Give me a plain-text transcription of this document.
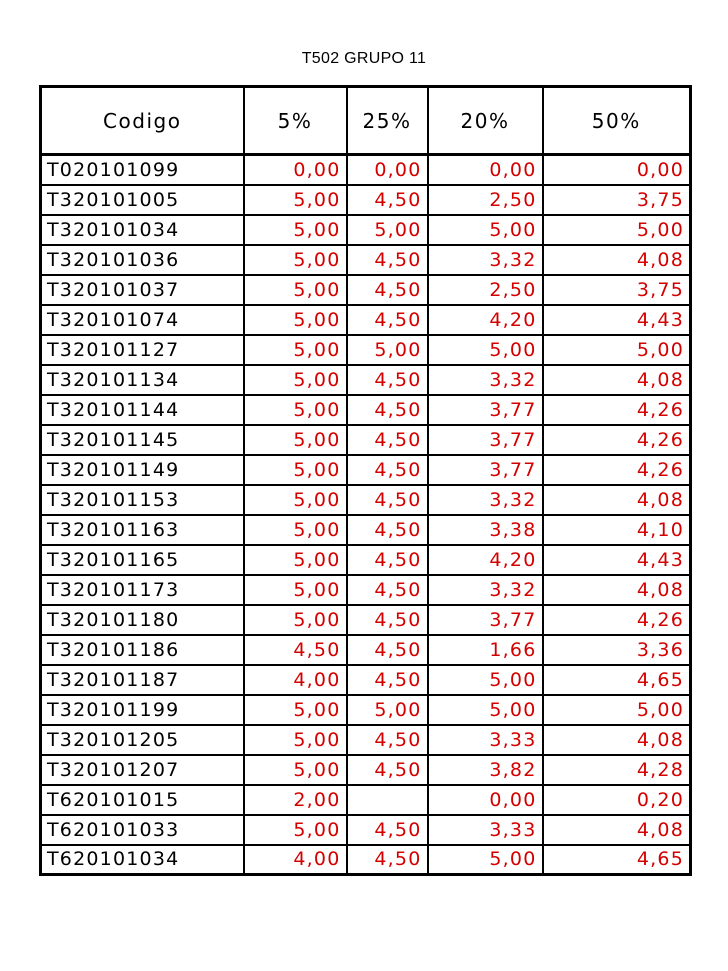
T502 GRUPO 11
Codigo	5%	25%	20%	50%
T020101099	0,00	0,00	0,00	0,00
T320101005	5,00	4,50	2,50	3,75
T320101034	5,00	5,00	5,00	5,00
T320101036	5,00	4,50	3,32	4,08
T320101037	5,00	4,50	2,50	3,75
T320101074	5,00	4,50	4,20	4,43
T320101127	5,00	5,00	5,00	5,00
T320101134	5,00	4,50	3,32	4,08
T320101144	5,00	4,50	3,77	4,26
T320101145	5,00	4,50	3,77	4,26
T320101149	5,00	4,50	3,77	4,26
T320101153	5,00	4,50	3,32	4,08
T320101163	5,00	4,50	3,38	4,10
T320101165	5,00	4,50	4,20	4,43
T320101173	5,00	4,50	3,32	4,08
T320101180	5,00	4,50	3,77	4,26
T320101186	4,50	4,50	1,66	3,36
T320101187	4,00	4,50	5,00	4,65
T320101199	5,00	5,00	5,00	5,00
T320101205	5,00	4,50	3,33	4,08
T320101207	5,00	4,50	3,82	4,28
T620101015	2,00		0,00	0,20
T620101033	5,00	4,50	3,33	4,08
T620101034	4,00	4,50	5,00	4,65
